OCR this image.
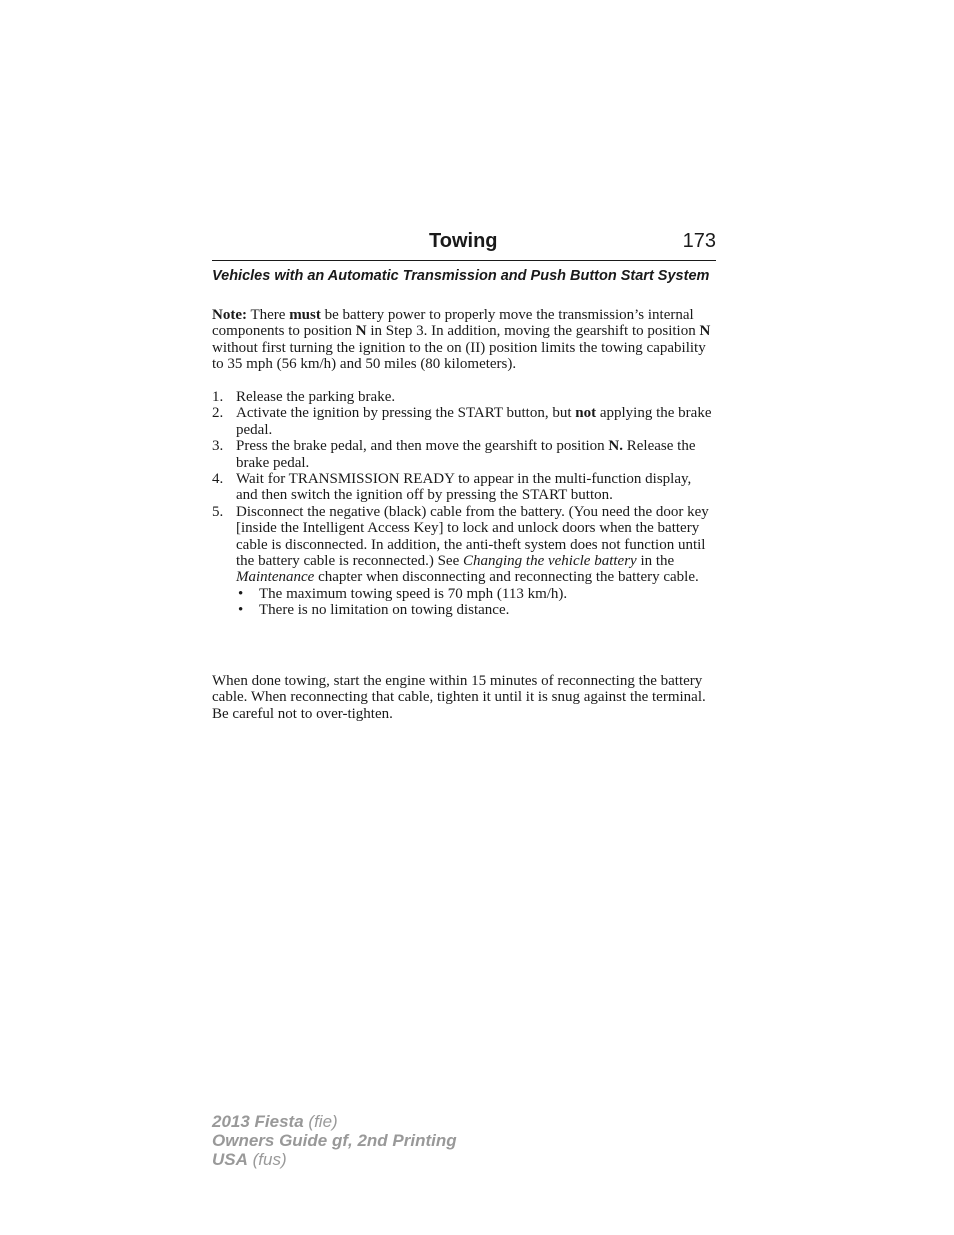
Towing	173
Vehicles with an Automatic Transmission and Push Button Start System

Note: There must be battery power to properly move the transmission’s internal components to position N in Step 3. In addition, moving the gearshift to position N without first turning the ignition to the on (II) position limits the towing capability to 35 mph (56 km/h) and 50 miles (80 kilometers).

1. Release the parking brake.
2. Activate the ignition by pressing the START button, but not applying the brake pedal.
3. Press the brake pedal, and then move the gearshift to position N. Release the brake pedal.
4. Wait for TRANSMISSION READY to appear in the multi-function display, and then switch the ignition off by pressing the START button.
5. Disconnect the negative (black) cable from the battery. (You need the door key [inside the Intelligent Access Key] to lock and unlock doors when the battery cable is disconnected. In addition, the anti-theft system does not function until the battery cable is reconnected.) See Changing the vehicle battery in the Maintenance chapter when disconnecting and reconnecting the battery cable.
• The maximum towing speed is 70 mph (113 km/h).
• There is no limitation on towing distance.

When done towing, start the engine within 15 minutes of reconnecting the battery cable. When reconnecting that cable, tighten it until it is snug against the terminal. Be careful not to over-tighten.

2013 Fiesta (fie)
Owners Guide gf, 2nd Printing
USA (fus)
